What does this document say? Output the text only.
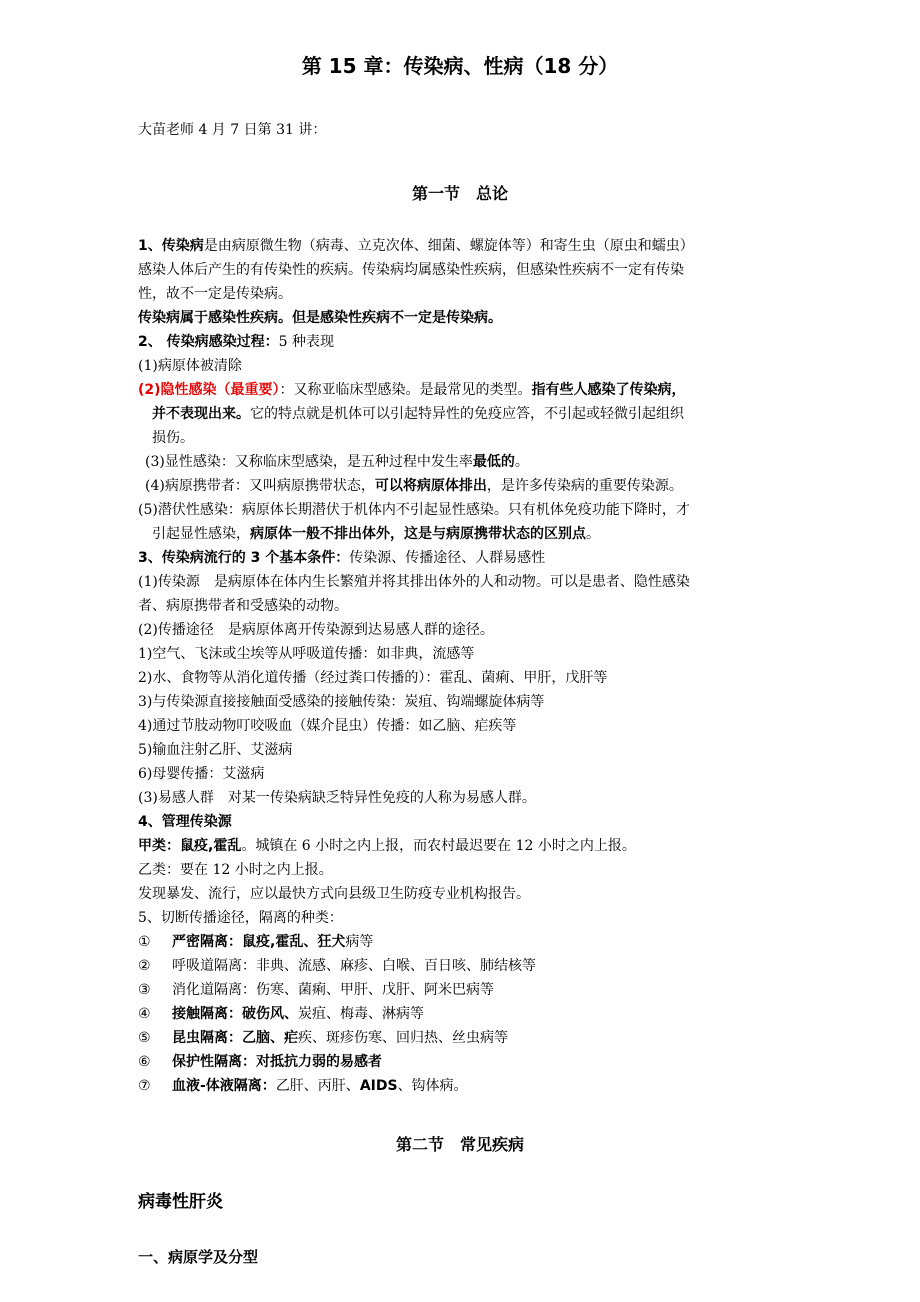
第 15 章：传染病、性病（18 分）
大苗老师 4 月 7 日第 31 讲：
第一节　总论
1、传染病是由病原微生物（病毒、立克次体、细菌、螺旋体等）和寄生虫（原虫和蠕虫）
感染人体后产生的有传染性的疾病。传染病均属感染性疾病，但感染性疾病不一定有传染
性，故不一定是传染病。
传染病属于感染性疾病。但是感染性疾病不一定是传染病。
2、 传染病感染过程：5 种表现
(1)病原体被清除
(2)隐性感染（最重要）：又称亚临床型感染。是最常见的类型。指有些人感染了传染病，
并不表现出来。它的特点就是机体可以引起特异性的免疫应答，不引起或轻微引起组织
损伤。
(3)显性感染：又称临床型感染，是五种过程中发生率最低的。
(4)病原携带者：又叫病原携带状态，可以将病原体排出，是许多传染病的重要传染源。
(5)潜伏性感染：病原体长期潜伏于机体内不引起显性感染。只有机体免疫功能下降时，才
引起显性感染，病原体一般不排出体外，这是与病原携带状态的区别点。
3、传染病流行的 3 个基本条件：传染源、传播途径、人群易感性
(1)传染源　是病原体在体内生长繁殖并将其排出体外的人和动物。可以是患者、隐性感染
者、病原携带者和受感染的动物。
(2)传播途径　是病原体离开传染源到达易感人群的途径。
1)空气、飞沫或尘埃等从呼吸道传播：如非典，流感等
2)水、食物等从消化道传播（经过粪口传播的）：霍乱、菌痢、甲肝，戊肝等
3)与传染源直接接触面受感染的接触传染：炭疽、钩端螺旋体病等
4)通过节肢动物叮咬吸血（媒介昆虫）传播：如乙脑、疟疾等
5)输血注射乙肝、艾滋病
6)母婴传播：艾滋病
(3)易感人群　对某一传染病缺乏特异性免疫的人称为易感人群。
4、管理传染源
甲类：鼠疫,霍乱。城镇在 6 小时之内上报，而农村最迟要在 12 小时之内上报。
乙类：要在 12 小时之内上报。
发现暴发、流行，应以最快方式向县级卫生防疫专业机构报告。
5、切断传播途径，隔离的种类：
① 严密隔离：鼠疫,霍乱、狂犬病等
② 呼吸道隔离：非典、流感、麻疹、白喉、百日咳、肺结核等
③ 消化道隔离：伤寒、菌痢、甲肝、戊肝、阿米巴病等
④ 接触隔离：破伤风、炭疽、梅毒、淋病等
⑤ 昆虫隔离：乙脑、疟疾、斑疹伤寒、回归热、丝虫病等
⑥ 保护性隔离：对抵抗力弱的易感者
⑦ 血液-体液隔离：乙肝、丙肝、AIDS、钩体病。
第二节　常见疾病
病毒性肝炎
一、病原学及分型
